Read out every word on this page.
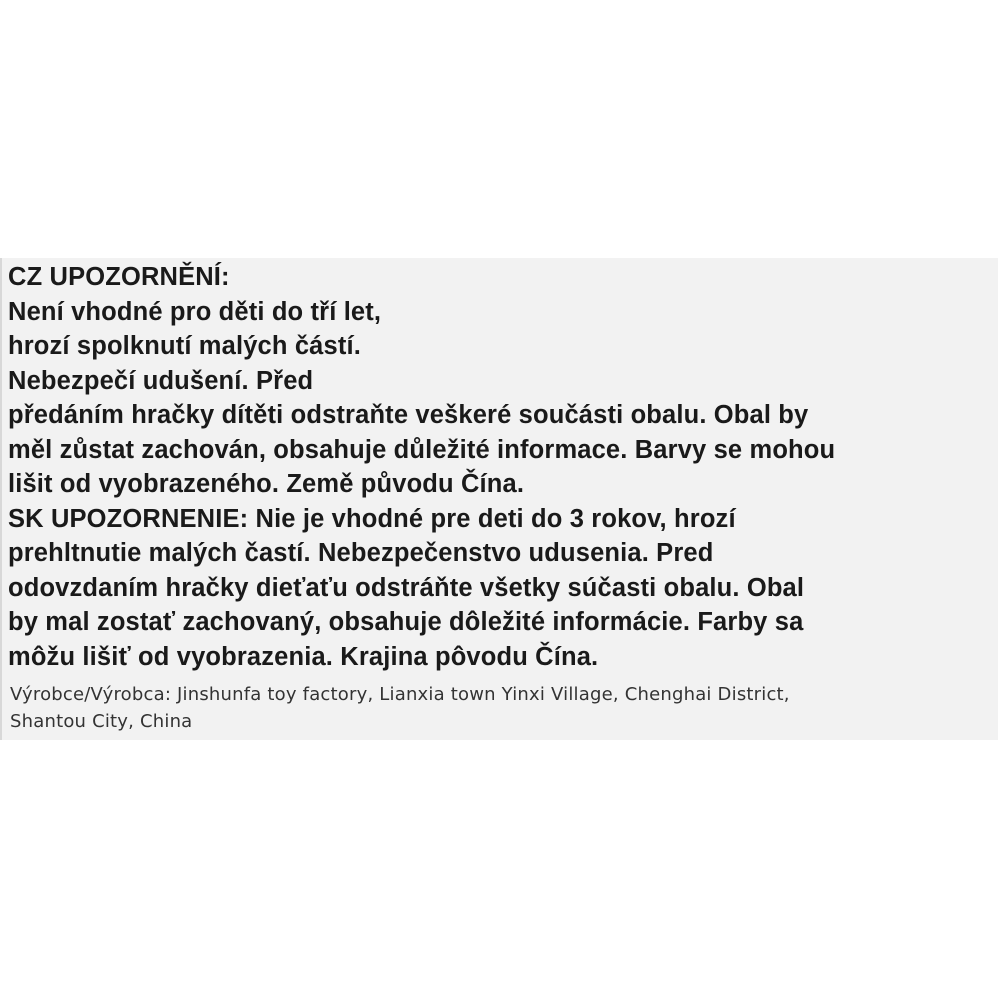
CZ UPOZORNĚNÍ:
Není vhodné pro děti do tří let,
hrozí spolknutí malých částí.
Nebezpečí udušení. Před
předáním hračky dítěti odstraňte veškeré součásti obalu. Obal by
měl zůstat zachován, obsahuje důležité informace. Barvy se mohou
lišit od vyobrazeného. Země původu Čína.
SK UPOZORNENIE: Nie je vhodné pre deti do 3 rokov, hrozí
prehltnutie malých častí. Nebezpečenstvo udusenia. Pred
odovzdaním hračky dieťaťu odstráňte všetky súčasti obalu. Obal
by mal zostať zachovaný, obsahuje dôležité informácie. Farby sa
môžu lišiť od vyobrazenia. Krajina pôvodu Čína.
Výrobce/Výrobca: Jinshunfa toy factory, Lianxia town Yinxi Village, Chenghai District,
Shantou City, China
